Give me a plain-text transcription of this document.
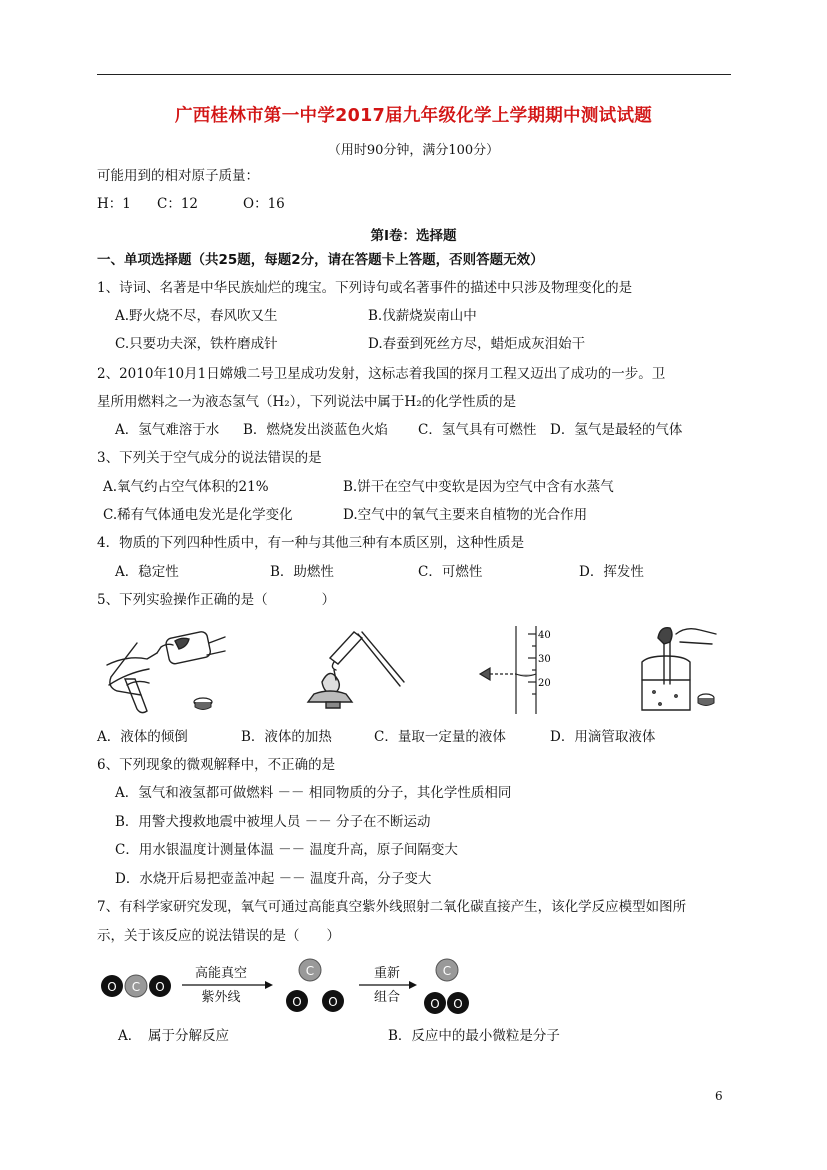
广西桂林市第一中学2017届九年级化学上学期期中测试试题
（用时90分钟，满分100分）
可能用到的相对原子质量：
H：1 C：12	O：16
第Ⅰ卷：选择题
一、单项选择题（共25题，每题2分，请在答题卡上答题，否则答题无效）
1、诗词、名著是中华民族灿烂的瑰宝。下列诗句或名著事件的描述中只涉及物理变化的是
A.野火烧不尽，春风吹又生	B.伐薪烧炭南山中
C.只要功夫深，铁杵磨成针	D.春蚕到死丝方尽，蜡炬成灰泪始干
2、2010年10月1日嫦娥二号卫星成功发射，这标志着我国的探月工程又迈出了成功的一步。卫
星所用燃料之一为液态氢气（H₂），下列说法中属于H₂的化学性质的是
A．氢气难溶于水 B．燃烧发出淡蓝色火焰 C．氢气具有可燃性 D．氢气是最轻的气体
3、下列关于空气成分的说法错误的是
A.氧气约占空气体积的21%	B.饼干在空气中变软是因为空气中含有水蒸气
C.稀有气体通电发光是化学变化	D.空气中的氧气主要来自植物的光合作用
4．物质的下列四种性质中，有一种与其他三种有本质区别，这种性质是
A．稳定性	B．助燃性	C．可燃性	D．挥发性
5、下列实验操作正确的是（　　　　）
40
30
20
A．液体的倾倒	B．液体的加热	C．量取一定量的液体	D．用滴管取液体
6、下列现象的微观解释中，不正确的是
A．氢气和液氢都可做燃料 －－ 相同物质的分子，其化学性质相同
B．用警犬搜救地震中被埋人员 －－ 分子在不断运动
C．用水银温度计测量体温 －－ 温度升高，原子间隔变大
D．水烧开后易把壶盖冲起 －－ 温度升高，分子变大
7、有科学家研究发现，氧气可通过高能真空紫外线照射二氧化碳直接产生，该化学反应模型如图所
示，关于该反应的说法错误的是（　　）
O C O
高能真空
紫外线
C
O O
重新
组合
C
O O
A．　属于分解反应	B．反应中的最小微粒是分子
6
